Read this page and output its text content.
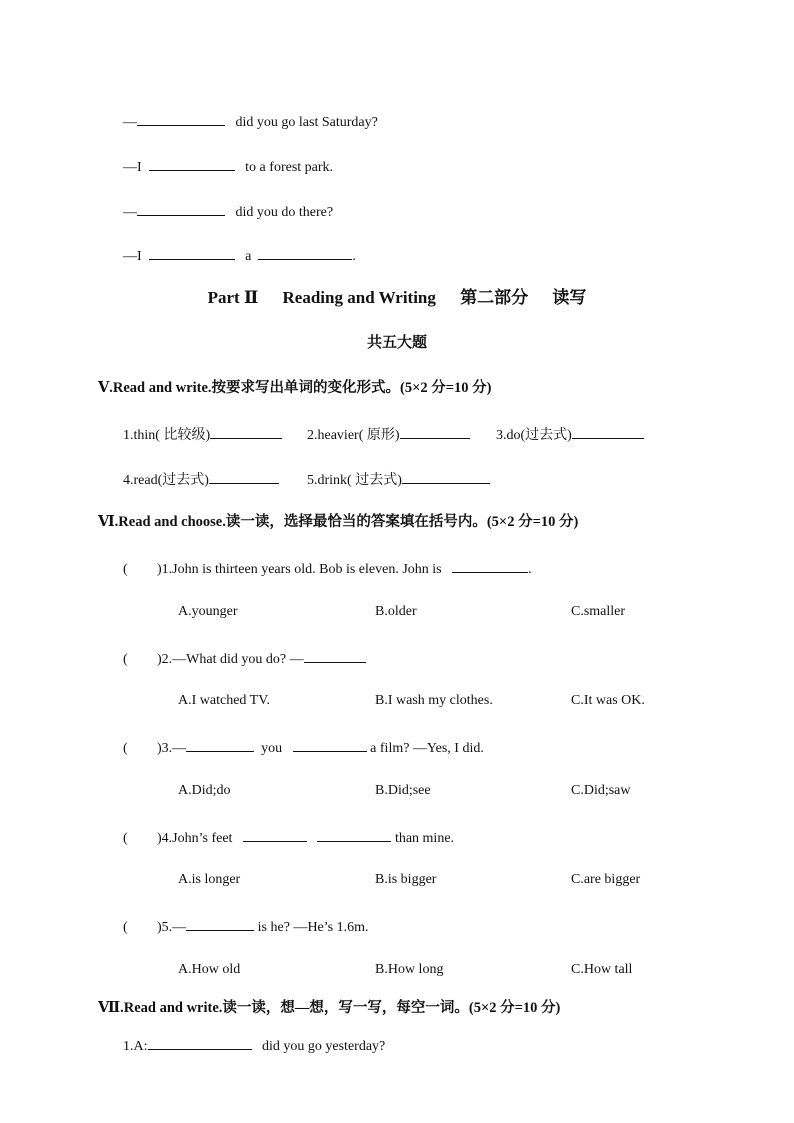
—	did you go last Saturday?
—I	to a forest park.
—	did you do there?
—I	a	.
Part Ⅱ Reading and Writing 第二部分 读写
共五大题
Ⅴ.Read and write.按要求写出单词的变化形式。(5×2 分=10 分)
1.thin( 比较级)	2.heavier( 原形)	3.do(过去式)
4.read(过去式)	5.drink( 过去式)
Ⅵ.Read and choose.读一读，选择最恰当的答案填在括号内。(5×2 分=10 分)
( )1.John is thirteen years old. Bob is eleven. John is	.
A.younger	B.older	C.smaller
( )2.—What did you do? —
A.I watched TV.	B.I wash my clothes.	C.It was OK.
( )3.—	you	a film? —Yes, I did.
A.Did;do	B.Did;see	C.Did;saw
( )4.John’s feet	than mine.
A.is longer	B.is bigger	C.are bigger
( )5.—	is he? —He’s 1.6m.
A.How old	B.How long	C.How tall
Ⅶ.Read and write.读一读，想—想，写一写，每空一词。(5×2 分=10 分)
1.A:	did you go yesterday?
